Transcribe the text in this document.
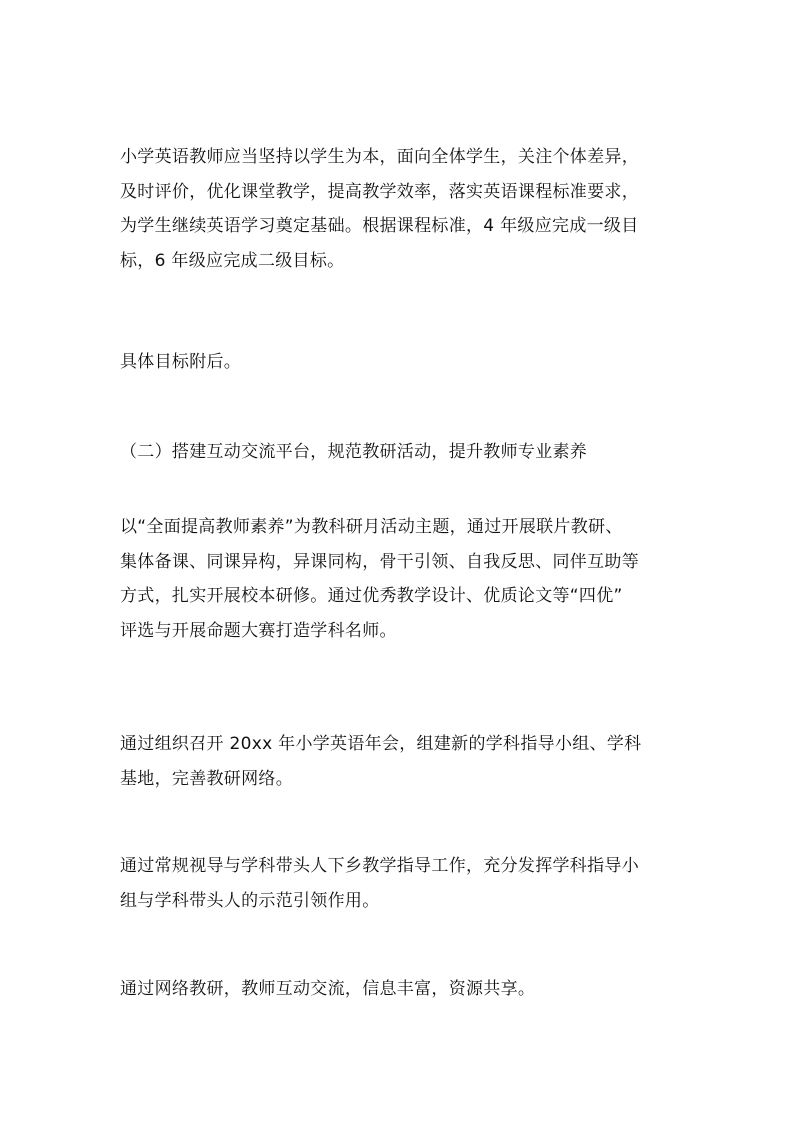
小学英语教师应当坚持以学生为本，面向全体学生，关注个体差异，
及时评价，优化课堂教学，提高教学效率，落实英语课程标准要求，
为学生继续英语学习奠定基础。根据课程标准，4 年级应完成一级目
标，6 年级应完成二级目标。

具体目标附后。

（二）搭建互动交流平台，规范教研活动，提升教师专业素养

以“全面提高教师素养”为教科研月活动主题，通过开展联片教研、
集体备课、同课异构，异课同构，骨干引领、自我反思、同伴互助等
方式，扎实开展校本研修。通过优秀教学设计、优质论文等“四优”
评选与开展命题大赛打造学科名师。

通过组织召开 20xx 年小学英语年会，组建新的学科指导小组、学科
基地，完善教研网络。

通过常规视导与学科带头人下乡教学指导工作，充分发挥学科指导小
组与学科带头人的示范引领作用。

通过网络教研，教师互动交流，信息丰富，资源共享。
